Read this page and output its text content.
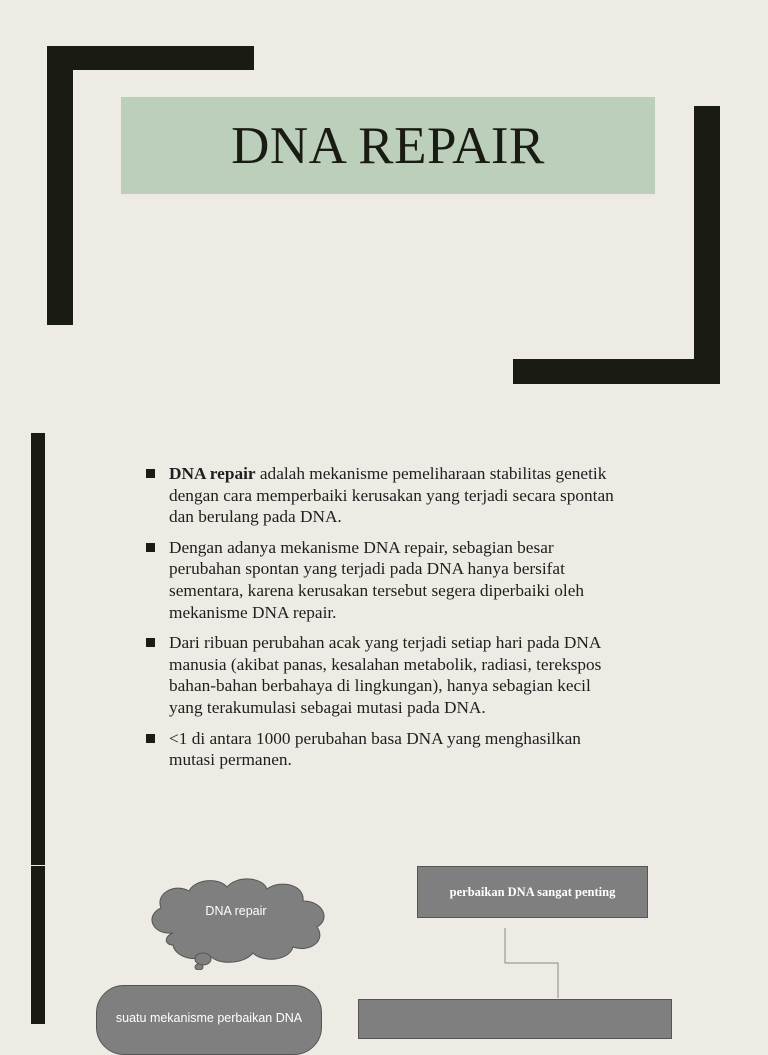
DNA REPAIR
DNA repair adalah mekanisme pemeliharaan stabilitas genetik dengan cara memperbaiki kerusakan yang terjadi secara spontan dan berulang pada DNA.
Dengan adanya mekanisme DNA repair, sebagian besar perubahan spontan yang terjadi pada DNA hanya bersifat sementara, karena kerusakan tersebut segera diperbaiki oleh mekanisme DNA repair.
Dari ribuan perubahan acak yang terjadi setiap hari pada DNA manusia (akibat panas, kesalahan metabolik, radiasi, terekspos bahan-bahan berbahaya di lingkungan), hanya sebagian kecil yang terakumulasi sebagai mutasi pada DNA.
<1 di antara 1000 perubahan basa DNA yang menghasilkan mutasi permanen.
DNA repair
perbaikan DNA sangat penting
suatu mekanisme perbaikan DNA
